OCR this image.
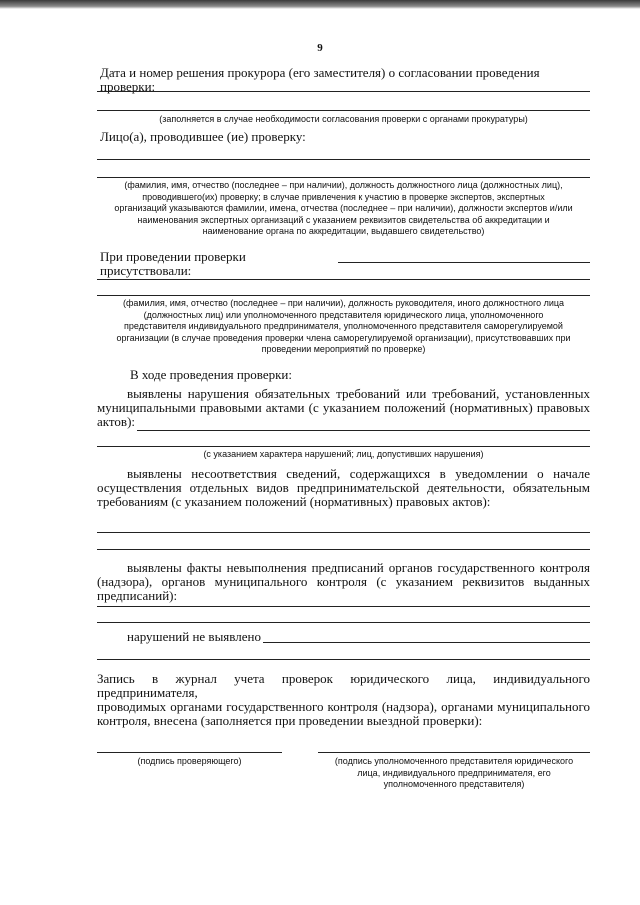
9
Дата и номер решения прокурора (его заместителя) о согласовании проведения проверки:
(заполняется в случае необходимости согласования проверки с органами прокуратуры)
Лицо(а), проводившее (ие) проверку:
(фамилия, имя, отчество (последнее – при наличии), должность должностного лица (должностных лиц),
проводившего(их) проверку; в случае привлечения к участию в проверке экспертов, экспертных
организаций указываются фамилии, имена, отчества (последнее – при наличии), должности экспертов и/или
наименования экспертных организаций с указанием реквизитов свидетельства об аккредитации и
наименование органа по аккредитации, выдавшего свидетельство)
При проведении проверки присутствовали:
(фамилия, имя, отчество (последнее – при наличии), должность руководителя, иного должностного лица
(должностных лиц) или уполномоченного представителя юридического лица, уполномоченного
представителя индивидуального предпринимателя, уполномоченного представителя саморегулируемой
организации (в случае проведения проверки члена саморегулируемой организации), присутствовавших при
проведении мероприятий по проверке)
В ходе проведения проверки:
выявлены нарушения обязательных требований или требований, установленных
муниципальными правовыми актами (с указанием положений (нормативных) правовых
актов):
(с указанием характера нарушений; лиц, допустивших нарушения)
выявлены несоответствия сведений, содержащихся в уведомлении о начале
осуществления отдельных видов предпринимательской деятельности, обязательным
требованиям (с указанием положений (нормативных) правовых актов):
выявлены факты невыполнения предписаний органов государственного контроля
(надзора), органов муниципального контроля (с указанием реквизитов выданных
предписаний):
нарушений не выявлено
Запись в журнал учета проверок юридического лица, индивидуального предпринимателя,
проводимых органами государственного контроля (надзора), органами муниципального
контроля, внесена (заполняется при проведении выездной проверки):
(подпись проверяющего)	(подпись уполномоченного представителя юридического
лица, индивидуального предпринимателя, его
уполномоченного представителя)
